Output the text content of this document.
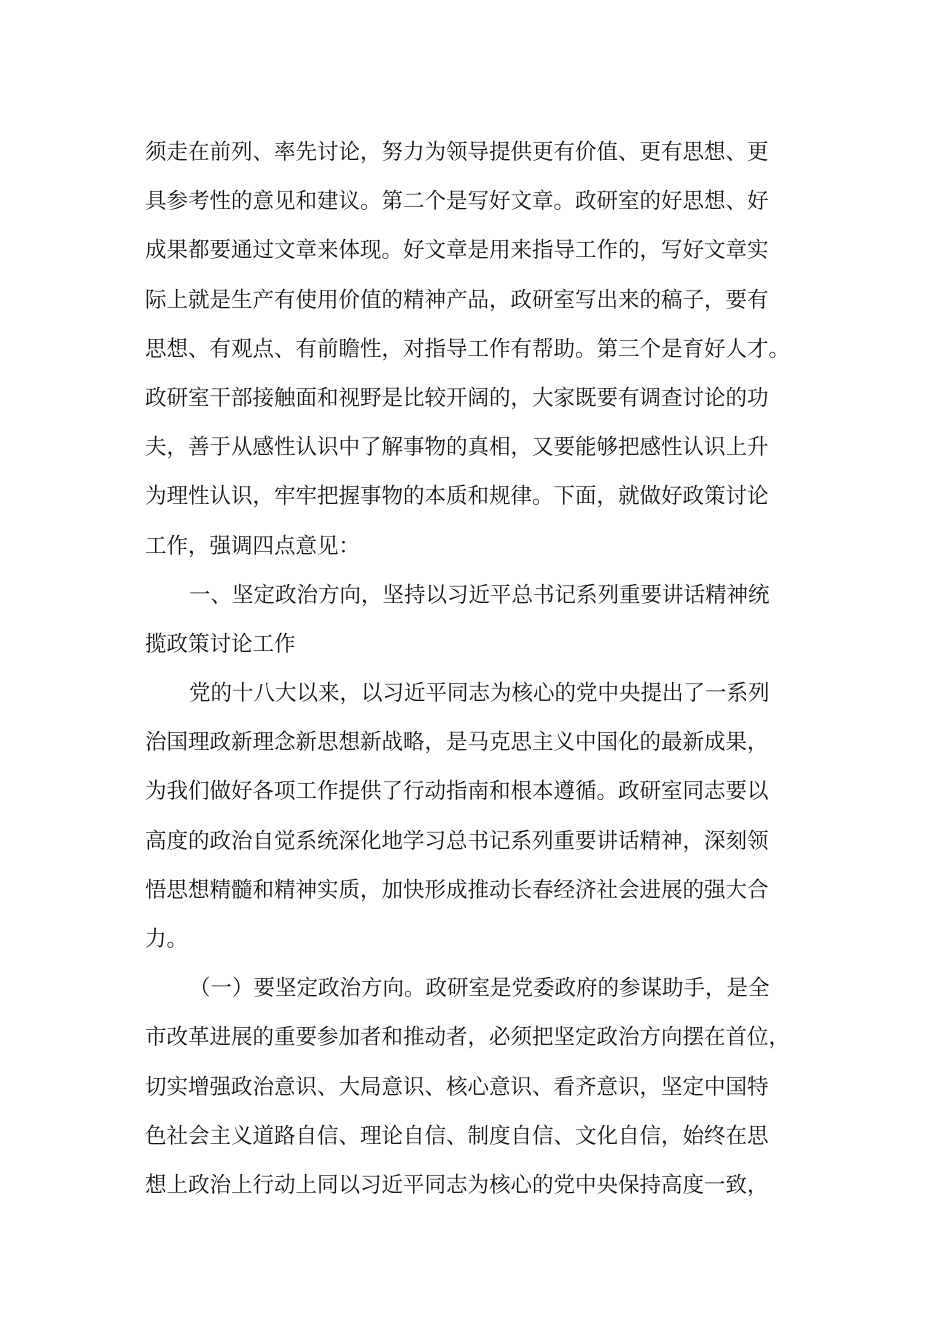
须走在前列、率先讨论，努力为领导提供更有价值、更有思想、更
具参考性的意见和建议。第二个是写好文章。政研室的好思想、好
成果都要通过文章来体现。好文章是用来指导工作的，写好文章实
际上就是生产有使用价值的精神产品，政研室写出来的稿子，要有
思想、有观点、有前瞻性，对指导工作有帮助。第三个是育好人才。
政研室干部接触面和视野是比较开阔的，大家既要有调查讨论的功
夫，善于从感性认识中了解事物的真相，又要能够把感性认识上升
为理性认识，牢牢把握事物的本质和规律。下面，就做好政策讨论
工作，强调四点意见：
一、坚定政治方向，坚持以习近平总书记系列重要讲话精神统
揽政策讨论工作
党的十八大以来，以习近平同志为核心的党中央提出了一系列
治国理政新理念新思想新战略，是马克思主义中国化的最新成果，
为我们做好各项工作提供了行动指南和根本遵循。政研室同志要以
高度的政治自觉系统深化地学习总书记系列重要讲话精神，深刻领
悟思想精髓和精神实质，加快形成推动长春经济社会进展的强大合
力。
（一）要坚定政治方向。政研室是党委政府的参谋助手，是全
市改革进展的重要参加者和推动者，必须把坚定政治方向摆在首位，
切实增强政治意识、大局意识、核心意识、看齐意识，坚定中国特
色社会主义道路自信、理论自信、制度自信、文化自信，始终在思
想上政治上行动上同以习近平同志为核心的党中央保持高度一致，
